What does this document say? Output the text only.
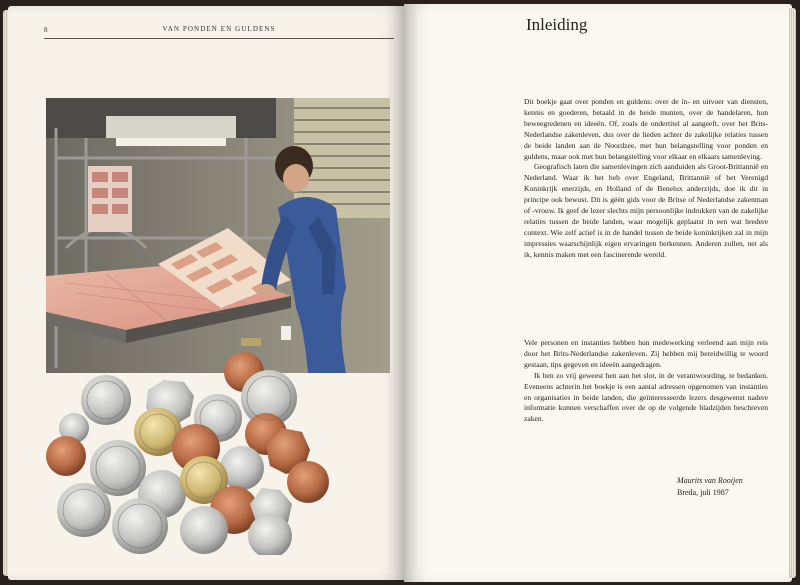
8	VAN PONDEN EN GULDENS	Inleiding

Dit boekje gaat over ponden en guldens: over de in- en uitvoer van diensten, kennis en goederen, betaald in de beide munten, over de handelaren, hun beweegredenen en ideeën. Of, zoals de ondertitel al aangeeft, over het Brits-Nederlandse zakenleven, dus over de lieden achter de zakelijke relaties tussen de beide landen aan de Noordzee, met hun belangstelling voor ponden en guldens, maar ook met hun belangstelling voor elkaar en elkaars samenleving.

Geografisch laten die samenlevingen zich aanduiden als Groot-Brittannië en Nederland. Waar ik het heb over Engeland, Brittannië of het Verenigd Koninkrijk enerzijds, en Holland of de Benelux anderzijds, doe ik dit in principe ook bewust. Dit is géén gids voor de Britse of Nederlandse zakenman of -vrouw. Ik geef de lezer slechts mijn persoonlijke indrukken van de zakelijke relaties tussen de beide landen, waar mogelijk geplaatst in een wat bredere context. Wie zelf actief is in de handel tussen de beide koninkrijken zal in mijn impressies waarschijnlijk eigen ervaringen herkennen. Anderen zullen, net als ik, kennis maken met een fascinerende wereld.

Vele personen en instanties hebben hun medewerking verleend aan mijn reis door het Brits-Nederlandse zakenleven. Zij hebben mij bereidwillig te woord gestaan, tips gegeven en ideeën aangedragen.

Ik ben zo vrij geweest hen aan het slot, in de verantwoording, te bedanken. Eveneens achterin het boekje is een aantal adressen opgenomen van instanties en organisaties in beide landen, die geïnteresseerde lezers desgewenst nadere informatie kunnen verschaffen over de op de volgende bladzijden beschreven zaken.

Maurits van Rooijen
Breda, juli 1987
